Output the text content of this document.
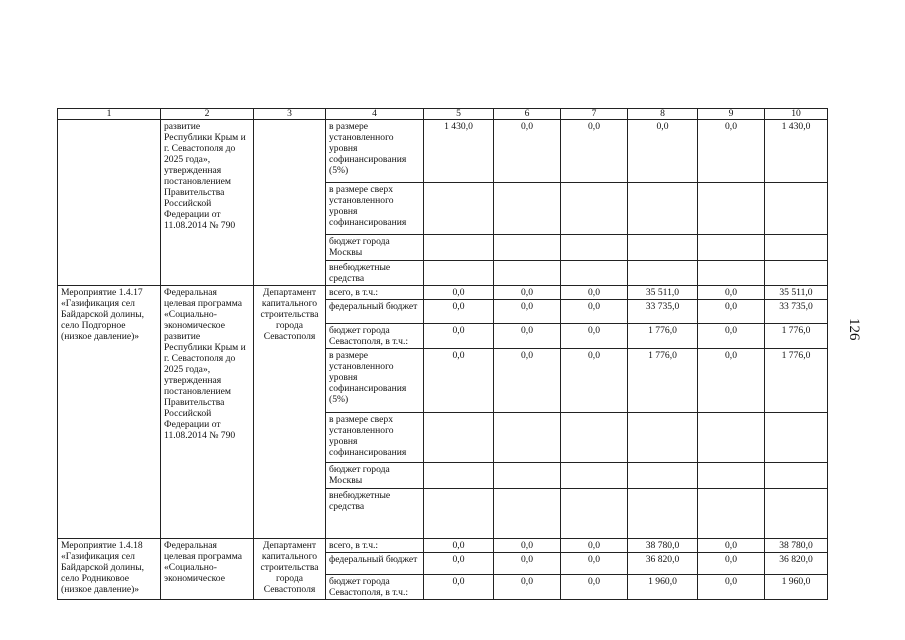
126
1	2	3	4	5	6	7	8	9	10
	развитие Республики Крым и г. Севастополя до 2025 года», утвержденная постановлением Правительства Российской Федерации от 11.08.2014 № 790		в размере установленного уровня софинансирования (5%)	1 430,0	0,0	0,0	0,0	0,0	1 430,0
			в размере сверх установленного уровня софинансирования						
			бюджет города Москвы						
			внебюджетные средства						
Мероприятие 1.4.17 «Газификация сел Байдарской долины, село Подгорное (низкое давление)»	Федеральная целевая программа «Социально-экономическое развитие Республики Крым и г. Севастополя до 2025 года», утвержденная постановлением Правительства Российской Федерации от 11.08.2014 № 790	Департамент капитального строительства города Севастополя	всего, в т.ч.:	0,0	0,0	0,0	35 511,0	0,0	35 511,0
			федеральный бюджет	0,0	0,0	0,0	33 735,0	0,0	33 735,0
			бюджет города Севастополя, в т.ч.:	0,0	0,0	0,0	1 776,0	0,0	1 776,0
			в размере установленного уровня софинансирования (5%)	0,0	0,0	0,0	1 776,0	0,0	1 776,0
			в размере сверх установленного уровня софинансирования						
			бюджет города Москвы						
			внебюджетные средства						
Мероприятие 1.4.18 «Газификация сел Байдарской долины, село Родниковое (низкое давление)»	Федеральная целевая программа «Социально-экономическое	Департамент капитального строительства города Севастополя	всего, в т.ч.:	0,0	0,0	0,0	38 780,0	0,0	38 780,0
			федеральный бюджет	0,0	0,0	0,0	36 820,0	0,0	36 820,0
			бюджет города Севастополя, в т.ч.:	0,0	0,0	0,0	1 960,0	0,0	1 960,0
